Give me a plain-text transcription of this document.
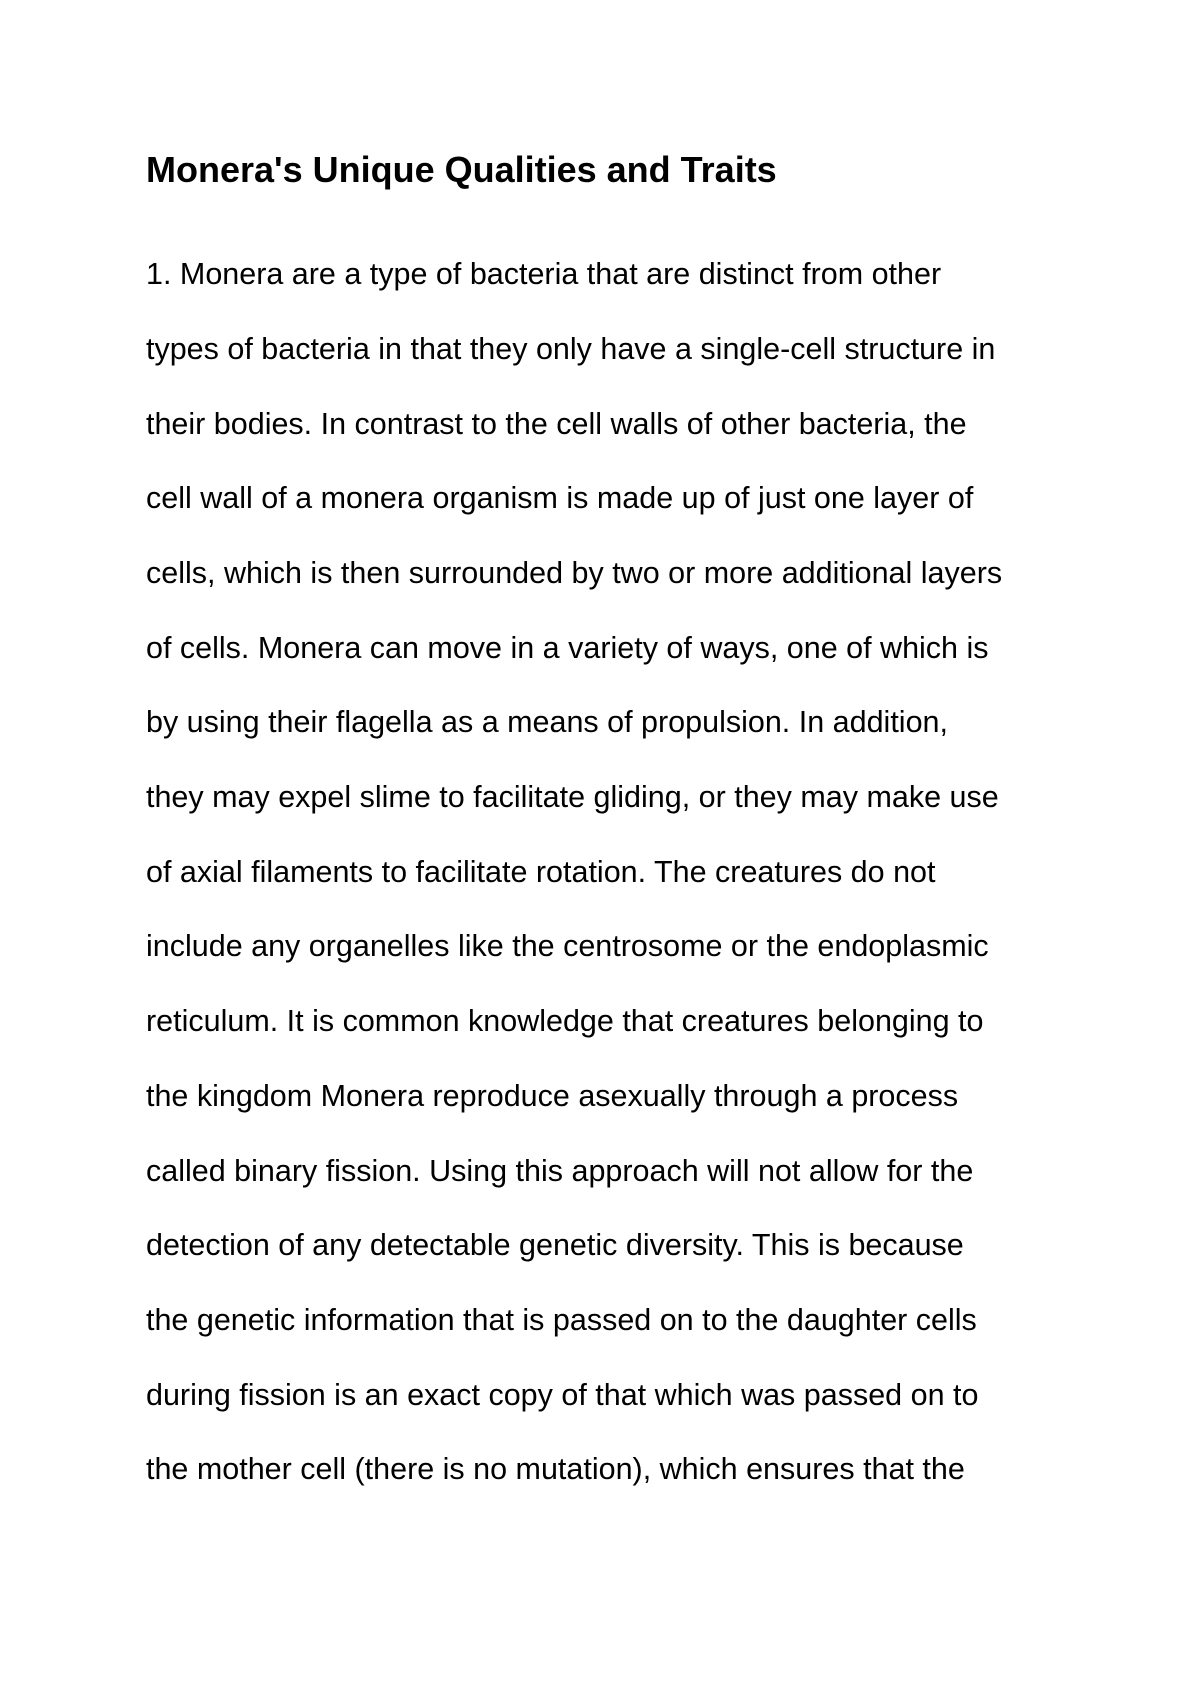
Monera's Unique Qualities and Traits

1. Monera are a type of bacteria that are distinct from other

types of bacteria in that they only have a single-cell structure in

their bodies. In contrast to the cell walls of other bacteria, the

cell wall of a monera organism is made up of just one layer of

cells, which is then surrounded by two or more additional layers

of cells. Monera can move in a variety of ways, one of which is

by using their flagella as a means of propulsion. In addition,

they may expel slime to facilitate gliding, or they may make use

of axial filaments to facilitate rotation. The creatures do not

include any organelles like the centrosome or the endoplasmic

reticulum. It is common knowledge that creatures belonging to

the kingdom Monera reproduce asexually through a process

called binary fission. Using this approach will not allow for the

detection of any detectable genetic diversity. This is because

the genetic information that is passed on to the daughter cells

during fission is an exact copy of that which was passed on to

the mother cell (there is no mutation), which ensures that the
